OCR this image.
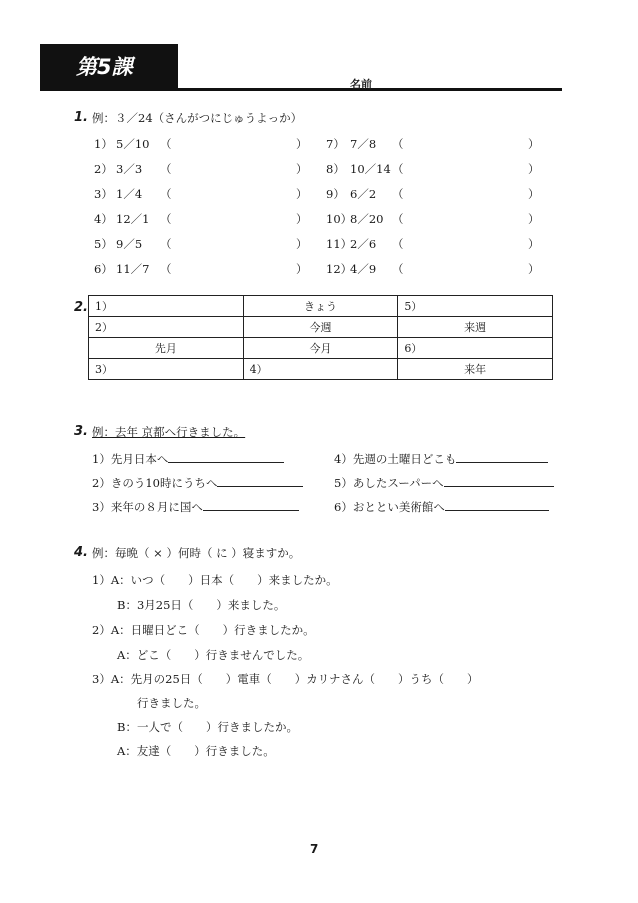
第5課
名前
1. 例：３／24（さんがつにじゅうよっか）
1） 5／10 （	）
2） 3／3 （	）
3） 1／4 （	）
4） 12／1 （	）
5） 9／5 （	）
6） 11／7 （	）
7） 7／8 （	）
8） 10／14 （	）
9） 6／2 （	）
10）
8／20 （	）
11）
2／6 （	）
12）
4／9 （	）
2. 1）	きょう	5）
2）	今週	来週
先月	今月	6）
3）	4）	来年
3. 例：去年 京都へ行きました。
1）先月日本へ
2）きのう10時にうちへ
3）来年の８月に国へ
4）先週の土曜日どこも
5）あしたスーパーへ
6）おととい美術館へ
4. 例：毎晩（ × ）何時（ に ）寝ますか。
1）A：いつ（　　）日本（　　）来ましたか。
B：3月25日（　　）来ました。
2）A：日曜日どこ（　　）行きましたか。
A：どこ（　　）行きませんでした。
3）A：先月の25日（　　）電車（　　）カリナさん（　　）うち（　　）
行きました。
B：一人で（　　）行きましたか。
A：友達（　　）行きました。
7
